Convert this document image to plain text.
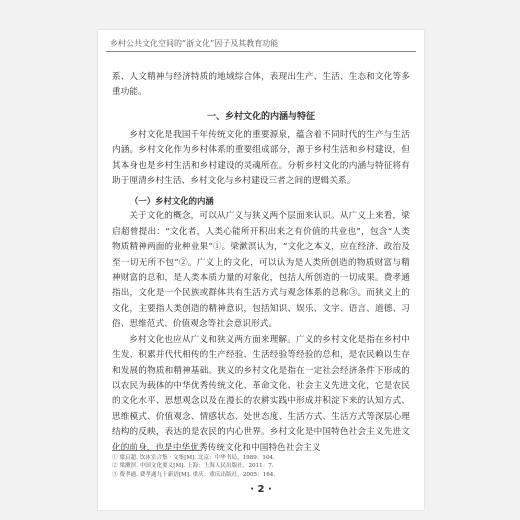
乡村公共文化空间的“浙文化”因子及其教育功能

系、人文精神与经济特质的地域综合体，表现出生产、生活、生态和文化等多重功能。

一、乡村文化的内涵与特征

乡村文化是我国千年传统文化的重要源泉，蕴含着不同时代的生产与生活内涵。乡村文化作为乡村体系的重要组成部分，源于乡村生活和乡村建设，但其本身也是乡村生活和乡村建设的灵魂所在。分析乡村文化的内涵与特征将有助于厘清乡村生活、乡村文化与乡村建设三者之间的逻辑关系。

（一）乡村文化的内涵

关于文化的概念，可以从广义与狭义两个层面来认识。从广义上来看，梁启超曾提出：“文化者，人类心能所开积出来之有价值的共业也”，包含“人类物质精神两面的业种业果”①。梁漱溟认为，“文化之本义，应在经济、政治及至一切无所不包”②。广义上的文化，可以认为是人类所创造的物质财富与精神财富的总和，是人类本质力量的对象化，包括人所创造的一切成果。费孝通指出，文化是一个民族或群体共有生活方式与观念体系的总称③。而狭义上的文化，主要指人类创造的精神意识，包括知识、娱乐、文字、语言、道德、习俗、思维范式、价值观念等社会意识形式。

乡村文化也应从广义和狭义两方面来理解。广义的乡村文化是指在乡村中生发、积累并代代相传的生产经验、生活经验等经验的总和，是农民赖以生存和发展的物质和精神基础。狭义的乡村文化是指在一定社会经济条件下形成的以农民为载体的中华优秀传统文化、革命文化、社会主义先进文化，它是农民的文化水平、思想观念以及在漫长的农耕实践中形成并积淀下来的认知方式、思维模式、价值观念、情感状态、处世态度、生活方式、生活方式等深层心理结构的反映，表达的是农民的内心世界。乡村文化是中国特色社会主义先进文化的前身，也是中华优秀传统文化和中国特色社会主义

① 梁启超. 饮冰室合集 · 文集[M]. 北京：中华书局，1989：104.
② 梁漱溟. 中国文化要义[M]. 上海：上海人民出版社，2011：7.
③ 费孝通. 费孝通九十新语[M]. 重庆：重庆出版社，2005：164.
· 2 ·
